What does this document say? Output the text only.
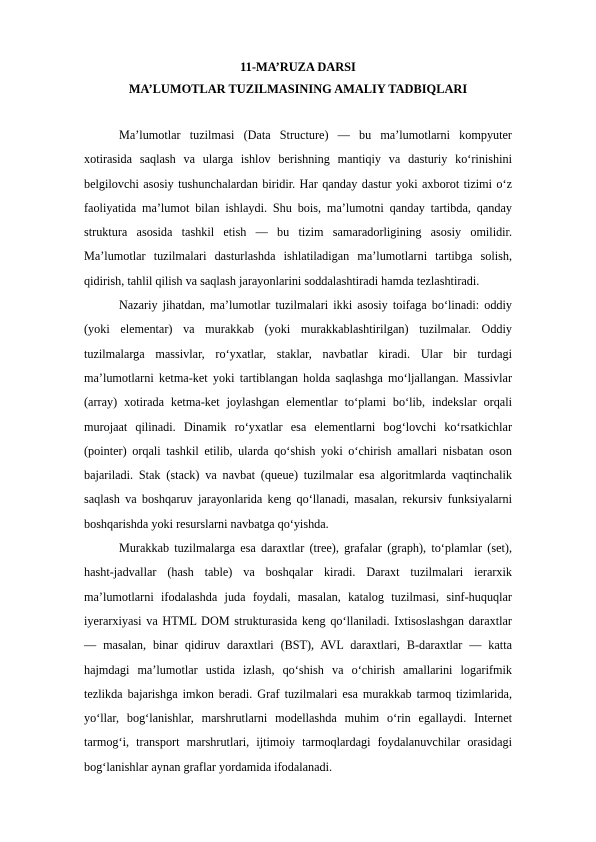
11-MA’RUZA DARSI
MA’LUMOTLAR TUZILMASINING AMALIY TADBIQLARI

Ma’lumotlar tuzilmasi (Data Structure) — bu ma’lumotlarni kompyuter xotirasida saqlash va ularga ishlov berishning mantiqiy va dasturiy ko‘rinishini belgilovchi asosiy tushunchalardan biridir. Har qanday dastur yoki axborot tizimi o‘z faoliyatida ma’lumot bilan ishlaydi. Shu bois, ma’lumotni qanday tartibda, qanday struktura asosida tashkil etish — bu tizim samaradorligining asosiy omilidir. Ma’lumotlar tuzilmalari dasturlashda ishlatiladigan ma’lumotlarni tartibga solish, qidirish, tahlil qilish va saqlash jarayonlarini soddalashtiradi hamda tezlashtiradi.

Nazariy jihatdan, ma’lumotlar tuzilmalari ikki asosiy toifaga bo‘linadi: oddiy (yoki elementar) va murakkab (yoki murakkablashtirilgan) tuzilmalar. Oddiy tuzilmalarga massivlar, ro‘yxatlar, staklar, navbatlar kiradi. Ular bir turdagi ma’lumotlarni ketma-ket yoki tartiblangan holda saqlashga mo‘ljallangan. Massivlar (array) xotirada ketma-ket joylashgan elementlar to‘plami bo‘lib, indekslar orqali murojaat qilinadi. Dinamik ro‘yxatlar esa elementlarni bog‘lovchi ko‘rsatkichlar (pointer) orqali tashkil etilib, ularda qo‘shish yoki o‘chirish amallari nisbatan oson bajariladi. Stak (stack) va navbat (queue) tuzilmalar esa algoritmlarda vaqtinchalik saqlash va boshqaruv jarayonlarida keng qo‘llanadi, masalan, rekursiv funksiyalarni boshqarishda yoki resurslarni navbatga qo‘yishda.

Murakkab tuzilmalarga esa daraxtlar (tree), grafalar (graph), to‘plamlar (set), hasht-jadvallar (hash table) va boshqalar kiradi. Daraxt tuzilmalari ierarxik ma’lumotlarni ifodalashda juda foydali, masalan, katalog tuzilmasi, sinf-huquqlar iyerarxiyasi va HTML DOM strukturasida keng qo‘llaniladi. Ixtisoslashgan daraxtlar — masalan, binar qidiruv daraxtlari (BST), AVL daraxtlari, B-daraxtlar — katta hajmdagi ma’lumotlar ustida izlash, qo‘shish va o‘chirish amallarini logarifmik tezlikda bajarishga imkon beradi. Graf tuzilmalari esa murakkab tarmoq tizimlarida, yo‘llar, bog‘lanishlar, marshrutlarni modellashda muhim o‘rin egallaydi. Internet tarmog‘i, transport marshrutlari, ijtimoiy tarmoqlardagi foydalanuvchilar orasidagi bog‘lanishlar aynan graflar yordamida ifodalanadi.
